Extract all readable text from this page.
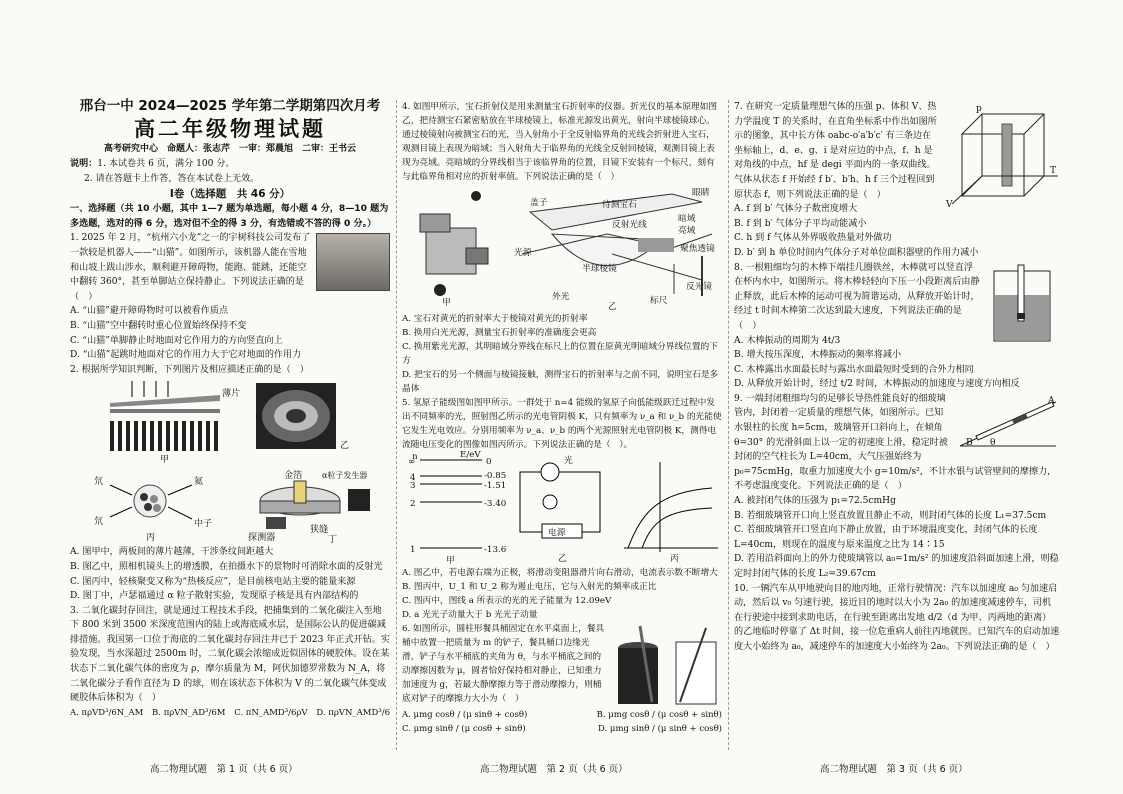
邢台一中 2024—2025 学年第二学期第四次月考
高二年级物理试题
高考研究中心　命题人：张志芹　一审：郑晨旭　二审：王书云

说明：1. 本试卷共 6 页，满分 100 分。

2. 请在答题卡上作答，答在本试卷上无效。

Ⅰ卷（选择题　共 46 分）

一、选择题（共 10 小题，其中 1—7 题为单选题，每小题 4 分，8—10 题为多选题，选对的得 6 分，选对但不全的得 3 分，有选错或不答的得 0 分。）

1. 2025 年 2 月，“杭州六小龙”之一的宇树科技公司发布了一款较是机器人——“山猫”。如图所示，该机器人能在雪地和山坡上跋山涉水，顺利避开障碍物，能跑、能跳，还能空中翻转 360°，甚至单脚站立保持静止。下列说法正确的是（　）

A. “山猫”避开障碍物时可以被看作质点

B. “山猫”空中翻转时重心位置始终保持不变

C. “山猫”单脚静止时地面对它作用力的方向竖直向上

D. “山猫”起跳时地面对它的作用力大于它对地面的作用力

2. 根据所学知识判断，下列图片及相应描述正确的是（　）

薄片
甲
乙
氘
氘
氦
中子
丙
金箔 α粒子发生器
探测器
狭缝
丁

A. 图甲中，两板间的薄片越薄，干涉条纹间距越大

B. 图乙中，照相机镜头上的增透膜，在拍摄水下的景物时可消除水面的反射光

C. 图丙中，轻核聚变又称为“热核反应”，是目前核电站主要的能量来源

D. 图丁中，卢瑟福通过 α 粒子散射实验，发现原子核是具有内部结构的

3. 二氧化碳封存回注，就是通过工程技术手段，把捕集到的二氧化碳注入至地下 800 米到 3500 米深度范围内的陆上或海底咸水层，是国际公认的促进碳减排措施。我国第一口位于海底的二氧化碳封存回注井已于 2023 年正式开钻。实验发现，当水深超过 2500m 时，二氧化碳会浓缩成近似固体的硬胶体。设在某状态下二氧化碳气体的密度为 ρ，摩尔质量为 M，阿伏加德罗常数为 N_A，将二氧化碳分子看作直径为 D 的球，则在该状态下体积为 V 的二氧化碳气体变成硬胶体后体积为（　）

A. πρVD³/6N_AM B. πρVN_AD³/6M C. πN_AMD³/6ρV D. πρVN_AMD³/6
高二物理试题　第 1 页（共 6 页）

4. 如图甲所示，宝石折射仪是用来测量宝石折射率的仪器。折光仪的基本原理如图乙，把待测宝石紧密贴放在半球棱镜上，标准光源发出黄光，射向半球棱镜球心。通过棱镜射向被测宝石的光，当入射角小于全反射临界角的光线会折射进入宝石，观测目镜上表现为暗域；当入射角大于临界角的光线全反射回棱镜，观测目镜上表现为亮域。亮暗域的分界线相当于该临界角的位置，目镜下安装有一个标尺，刻有与此临界角相对应的折射率值。下列说法正确的是（　）

甲
盖子	待测宝石
眼睛
反射光线
暗域
亮域
聚焦透镜
光源
半球棱镜
标尺
反光镜
外光
乙

A. 宝石对黄光的折射率大于棱镜对黄光的折射率

B. 换用白光光源，测量宝石折射率的准确度会更高

C. 换用紫光光源，其明暗域分界线在标尺上的位置在原黄光明暗域分界线位置的下方

D. 把宝石的另一个侧面与棱镜接触，测得宝石的折射率与之前不同，说明宝石是多晶体

5. 氢原子能级图如图甲所示。一群处于 n=4 能级的氢原子向低能级跃迁过程中发出不同频率的光，照射图乙所示的光电管阴极 K，只有频率为 ν_a 和 ν_b 的光能使它发生光电效应。分别用频率为 ν_a、ν_b 的两个光源照射光电管阴极 K，测得电流随电压变化的图像如图丙所示。下列说法正确的是（　）。

n	E/eV
∞
4
3
2
1
0
-0.85
-1.51
-3.40
-13.6
甲
光
电源
乙	丙

A. 图乙中，若电源右端为正极，将滑动变阻器滑片向右滑动，电流表示数不断增大

B. 图丙中，U_1 和 U_2 称为遏止电压，它与入射光的频率成正比

C. 图丙中，图线 a 所表示的光的光子能量为 12.09eV

D. a 光光子动量大于 b 光光子动量

6. 如图所示，圆柱形餐具桶固定在水平桌面上，餐具桶中放置一把质量为 m 的铲子，餐具桶口边缘光滑，铲子与水平桶底的夹角为 θ，与水平桶底之间的动摩擦因数为 μ，圆者恰好保持相对静止，已知重力加速度为 g，若最大静摩擦力等于滑动摩擦力，则桶底对铲子的摩擦力大小为（　）

A. μmg cosθ / (μ sinθ + cosθ)	B. μmg cosθ / (μ cosθ + sinθ)
C. μmg sinθ / (μ cosθ + sinθ)	D. μmg sinθ / (μ sinθ + cosθ)
高二物理试题　第 2 页（共 6 页）
p
V
T

7. 在研究一定质量理想气体的压强 p、体积 V、热力学温度 T 的关系时，在直角坐标系中作出如图所示的图象，其中长方体 oabc-o′a′b′c′ 有三条边在坐标轴上，d、e、g、i 是对应边的中点，f、h 是对角线的中点，hf 是 degi 平面内的一条双曲线。气体从状态 f 开始经 f b′、b′h、h f 三个过程回到原状态 f，则下列说法正确的是（　）

A. f 到 b′ 气体分子数密度增大

B. f 到 b′ 气体分子平均动能减小

C. h 到 f 气体从外界吸收热量对外做功

D. b′ 到 h 单位时间内气体分子对单位面积器壁的作用力减小

8. 一根粗细均匀的木棒下端挂几圈铁丝，木棒就可以竖直浮在杯内水中，如图所示。将木棒轻轻向下压一小段距离后由静止释放，此后木棒的运动可视为简谐运动，从释放开始计时，经过 t 时间木棒第二次达到最大速度，下列说法正确的是（　）

A. 木棒振动的周期为 4t/3

B. 增大按压深度，木棒振动的频率将减小

C. 木棒露出水面最长时与露出水面最短时受到的合外力相同

D. 从释放开始计时，经过 t/2 时间，木棒振动的加速度与速度方向相反

θ
A
B

9. 一端封闭粗细均匀的足够长导热性能良好的细玻璃管内，封闭着一定质量的理想气体，如图所示。已知水银柱的长度 h=5cm，玻璃管开口斜向上，在倾角 θ=30° 的光滑斜面上以一定的初速度上滑，稳定时被封闭的空气柱长为 L=40cm，大气压强始终为 p₀=75cmHg，取重力加速度大小 g=10m/s²，不计水银与试管壁间的摩擦力，不考虑温度变化。下列说法正确的是（　）

A. 被封闭气体的压强为 p₁=72.5cmHg

B. 若细玻璃管开口向上竖直放置且静止不动，则封闭气体的长度 L₁=37.5cm

C. 若细玻璃管开口竖直向下静止放置，由于环境温度变化，封闭气体的长度 L=40cm，则现在的温度与原来温度之比为 14∶15

D. 若用沿斜面向上的外力使玻璃管以 a₀=1m/s² 的加速度沿斜面加速上滑，则稳定时封闭气体的长度 L₂=39.67cm

10. 一辆汽车从甲地驶向目的地丙地，正常行驶情况：汽车以加速度 a₀ 匀加速启动，然后以 v₀ 匀速行驶，接近目的地时以大小为 2a₀ 的加速度减速停车，司机在行驶途中接到求助电话，在行驶至距离出发地 d/2（d 为甲、丙两地的距离）的乙地临时停靠了 Δt 时间，接一位危重病人前往丙地就医。已知汽车的启动加速度大小始终为 a₀，减速停车的加速度大小始终为 2a₀。下列说法正确的是（　）

高二物理试题　第 3 页（共 6 页）
